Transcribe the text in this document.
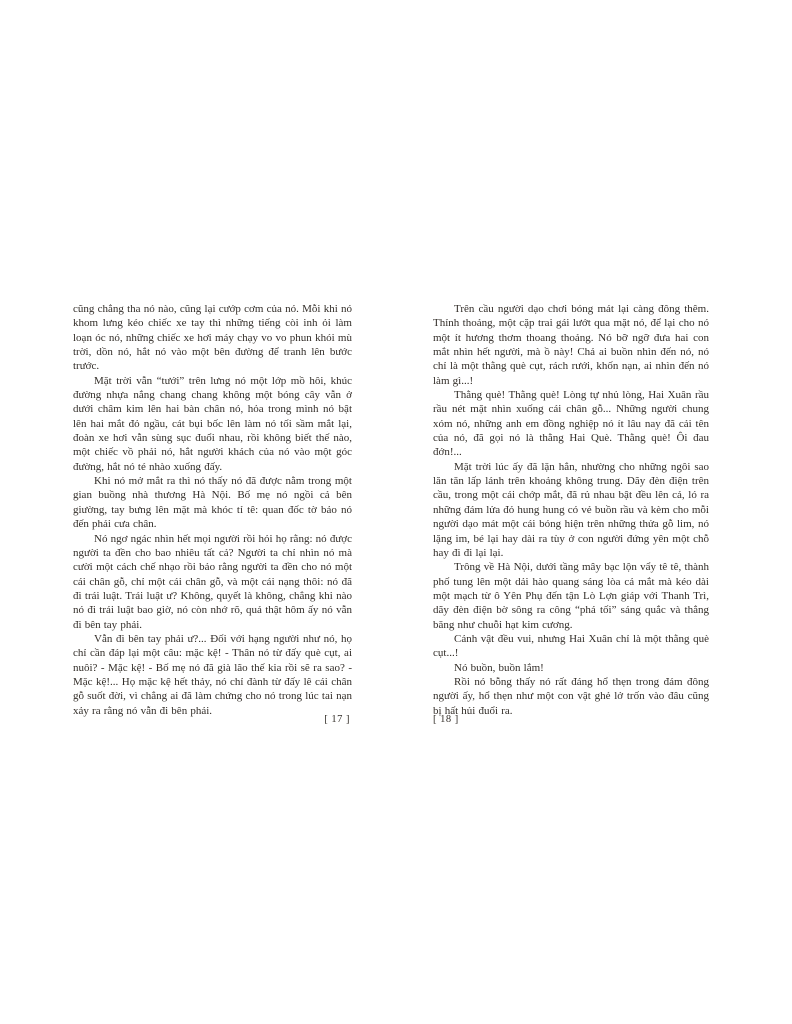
cũng chẳng tha nó nào, cũng lại cướp cơm của nó. Mỗi khi nó khom lưng kéo chiếc xe tay thì những tiếng còi inh ỏi làm loạn óc nó, những chiếc xe hơi máy chạy vo vo phun khói mù trời, dồn nó, hắt nó vào một bên đường để tranh lên bước trước.

Mặt trời vẫn “tưới” trên lưng nó một lớp mồ hôi, khúc đường nhựa nắng chang chang không một bóng cây vẫn ở dưới châm kim lên hai bàn chân nó, hỏa trong mình nó bật lên hai mắt đỏ ngầu, cát bụi bốc lên làm nó tối sầm mắt lại, đoàn xe hơi vẫn sùng sục đuổi nhau, rồi không biết thế nào, một chiếc vồ phải nó, hắt người khách của nó vào một góc đường, hắt nó té nhào xuống đấy.

Khi nó mở mắt ra thì nó thấy nó đã được nằm trong một gian buồng nhà thương Hà Nội. Bố mẹ nó ngồi cả bên giường, tay bưng lên mặt mà khóc tỉ tê: quan đốc tờ bảo nó đến phải cưa chân.

Nó ngơ ngác nhìn hết mọi người rồi hỏi họ rằng: nó được người ta đền cho bao nhiêu tất cả? Người ta chỉ nhìn nó mà cười một cách chế nhạo rồi bảo rằng người ta đền cho nó một cái chân gỗ, chỉ một cái chân gỗ, và một cái nạng thôi: nó đã đi trái luật. Trái luật ư? Không, quyết là không, chẳng khi nào nó đi trái luật bao giờ, nó còn nhớ rõ, quả thật hôm ấy nó vẫn đi bên tay phải.

Vẫn đi bên tay phải ư?... Đối với hạng người như nó, họ chỉ cần đáp lại một câu: mặc kệ! - Thân nó từ đấy què cụt, ai nuôi? - Mặc kệ! - Bố mẹ nó đã già lão thế kia rồi sẽ ra sao? - Mặc kệ!... Họ mặc kệ hết thảy, nó chỉ đành từ đấy lê cái chân gỗ suốt đời, vì chẳng ai đã làm chứng cho nó trong lúc tai nạn xảy ra rằng nó vẫn đi bên phải.

[ 17 ]

Trên cầu người dạo chơi bóng mát lại càng đông thêm. Thỉnh thoảng, một cặp trai gái lướt qua mặt nó, để lại cho nó một ít hương thơm thoang thoảng. Nó bỡ ngỡ đưa hai con mắt nhìn hết người, mà ồ này! Chả ai buồn nhìn đến nó, nó chỉ là một thằng què cụt, rách rưới, khốn nạn, ai nhìn đến nó làm gì...!

Thằng què! Thằng què! Lòng tự nhủ lòng, Hai Xuân rầu rầu nét mặt nhìn xuống cái chân gỗ... Những người chung xóm nó, những anh em đồng nghiệp nó ít lâu nay đã cải tên của nó, đã gọi nó là thằng Hai Què. Thằng què! Ôi đau đớn!...

Mặt trời lúc ấy đã lặn hẳn, nhường cho những ngôi sao lăn tăn lấp lánh trên khoảng không trung. Dãy đèn điện trên cầu, trong một cái chớp mắt, đã rủ nhau bật đều lên cả, ló ra những đám lửa đỏ hung hung có vẻ buồn rầu và kèm cho mỗi người dạo mát một cái bóng hiện trên những thửa gỗ lim, nó lặng im, bé lại hay dài ra tùy ở con người đứng yên một chỗ hay đi đi lại lại.

Trông về Hà Nội, dưới tầng mây bạc lộn vẩy tê tê, thành phố tung lên một dải hào quang sáng lòa cả mắt mà kéo dài một mạch từ ô Yên Phụ đến tận Lò Lợn giáp với Thanh Trì, dãy đèn điện bờ sông ra công “phá tối” sáng quắc và thẳng băng như chuỗi hạt kim cương.

Cảnh vật đều vui, nhưng Hai Xuân chỉ là một thằng què cụt...!

Nó buồn, buồn lắm!

Rồi nó bỗng thấy nó rất đáng hổ thẹn trong đám đông người ấy, hổ thẹn như một con vật ghẻ lở trốn vào đâu cũng bị hất hủi đuổi ra.

[ 18 ]
